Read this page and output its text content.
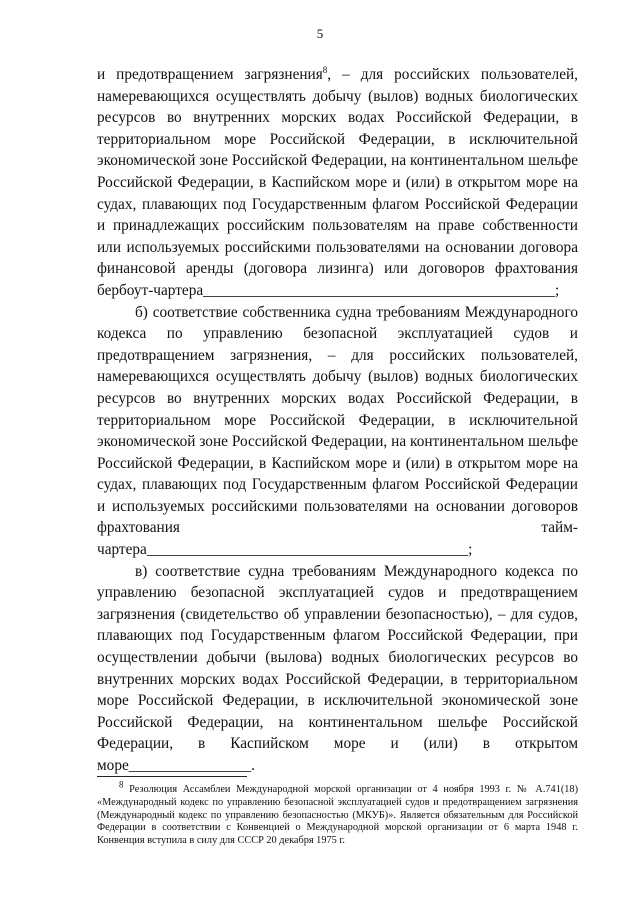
5

и предотвращением загрязнения$^8$, – для российских пользователей, намеревающихся осуществлять добычу (вылов) водных биологических ресурсов во внутренних морских водах Российской Федерации, в территориальном море Российской Федерации, в исключительной экономической зоне Российской Федерации, на континентальном шельфе Российской Федерации, в Каспийском море и (или) в открытом море на судах, плавающих под Государственным флагом Российской Федерации и принадлежащих российским пользователям на праве собственности или используемых российскими пользователями на основании договора финансовой аренды (договора лизинга) или договоров фрахтования бербоут-чартера______________________________________________;

б) соответствие собственника судна требованиям Международного кодекса по управлению безопасной эксплуатацией судов и предотвращением загрязнения, – для российских пользователей, намеревающихся осуществлять добычу (вылов) водных биологических ресурсов во внутренних морских водах Российской Федерации, в территориальном море Российской Федерации, в исключительной экономической зоне Российской Федерации, на континентальном шельфе Российской Федерации, в Каспийском море и (или) в открытом море на судах, плавающих под Государственным флагом Российской Федерации и используемых российскими пользователями на основании договоров фрахтования тайм-чартера__________________________________________;

в) соответствие судна требованиям Международного кодекса по управлению безопасной эксплуатацией судов и предотвращением загрязнения (свидетельство об управлении безопасностью), – для судов, плавающих под Государственным флагом Российской Федерации, при осуществлении добычи (вылова) водных биологических ресурсов во внутренних морских водах Российской Федерации, в территориальном море Российской Федерации, в исключительной экономической зоне Российской Федерации, на континентальном шельфе Российской Федерации, в Каспийском море и (или) в открытом море________________.

$^8$ Резолюция Ассамблеи Международной морской организации от 4 ноября 1993 г. № А.741(18) «Международный кодекс по управлению безопасной эксплуатацией судов и предотвращением загрязнения (Международный кодекс по управлению безопасностью (МКУБ)». Является обязательным для Российской Федерации в соответствии с Конвенцией о Международной морской организации от 6 марта 1948 г. Конвенция вступила в силу для СССР 20 декабря 1975 г.
